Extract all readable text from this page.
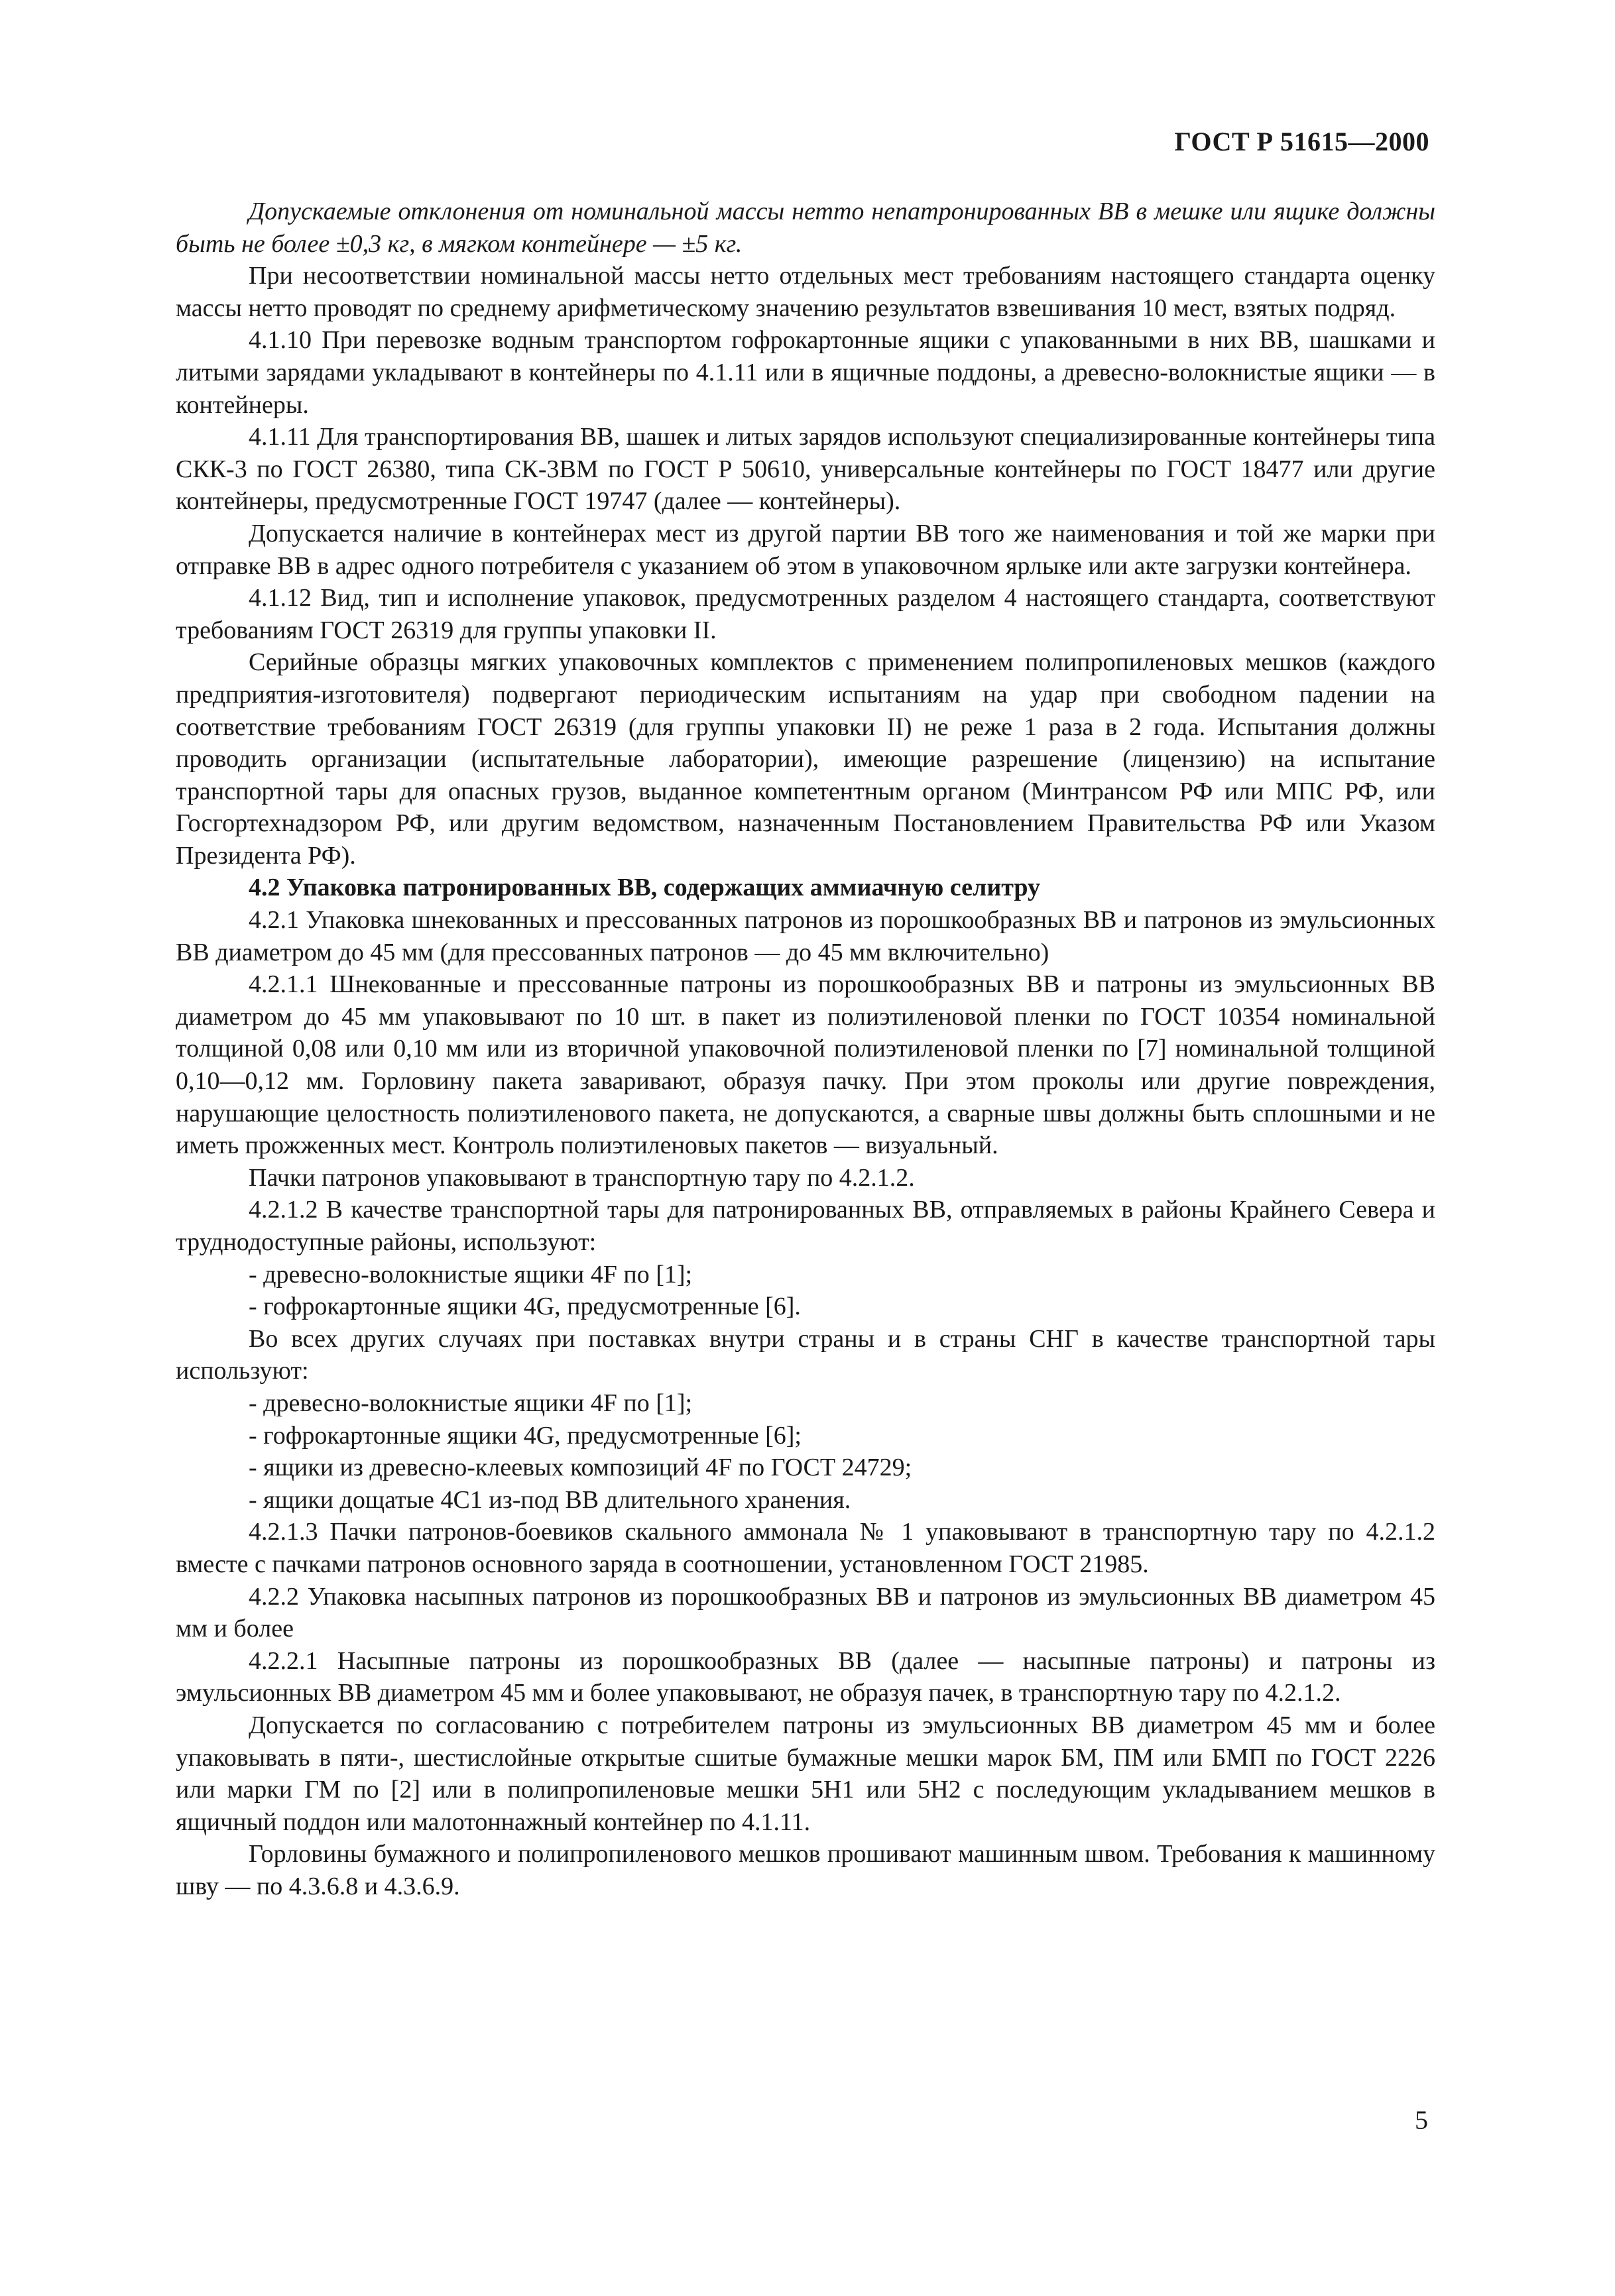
ГОСТ Р 51615—2000

Допускаемые отклонения от номинальной массы нетто непатронированных ВВ в мешке или ящике должны быть не более ±0,3 кг, в мягком контейнере — ±5 кг.

При несоответствии номинальной массы нетто отдельных мест требованиям настоящего стандарта оценку массы нетто проводят по среднему арифметическому значению результатов взвешивания 10 мест, взятых подряд.

4.1.10 При перевозке водным транспортом гофрокартонные ящики с упакованными в них ВВ, шашками и литыми зарядами укладывают в контейнеры по 4.1.11 или в ящичные поддоны, а древесно-волокнистые ящики — в контейнеры.

4.1.11 Для транспортирования ВВ, шашек и литых зарядов используют специализированные контейнеры типа СКК-3 по ГОСТ 26380, типа СК-3ВМ по ГОСТ Р 50610, универсальные контейнеры по ГОСТ 18477 или другие контейнеры, предусмотренные ГОСТ 19747 (далее — контейнеры).

Допускается наличие в контейнерах мест из другой партии ВВ того же наименования и той же марки при отправке ВВ в адрес одного потребителя с указанием об этом в упаковочном ярлыке или акте загрузки контейнера.

4.1.12 Вид, тип и исполнение упаковок, предусмотренных разделом 4 настоящего стандарта, соответствуют требованиям ГОСТ 26319 для группы упаковки II.

Серийные образцы мягких упаковочных комплектов с применением полипропиленовых мешков (каждого предприятия-изготовителя) подвергают периодическим испытаниям на удар при свободном падении на соответствие требованиям ГОСТ 26319 (для группы упаковки II) не реже 1 раза в 2 года. Испытания должны проводить организации (испытательные лаборатории), имеющие разрешение (лицензию) на испытание транспортной тары для опасных грузов, выданное компетентным органом (Минтрансом РФ или МПС РФ, или Госгортехнадзором РФ, или другим ведомством, назначенным Постановлением Правительства РФ или Указом Президента РФ).

4.2 Упаковка патронированных ВВ, содержащих аммиачную селитру

4.2.1 Упаковка шнекованных и прессованных патронов из порошкообразных ВВ и патронов из эмульсионных ВВ диаметром до 45 мм (для прессованных патронов — до 45 мм включительно)

4.2.1.1 Шнекованные и прессованные патроны из порошкообразных ВВ и патроны из эмульсионных ВВ диаметром до 45 мм упаковывают по 10 шт. в пакет из полиэтиленовой пленки по ГОСТ 10354 номинальной толщиной 0,08 или 0,10 мм или из вторичной упаковочной полиэтиленовой пленки по [7] номинальной толщиной 0,10—0,12 мм. Горловину пакета заваривают, образуя пачку. При этом проколы или другие повреждения, нарушающие целостность полиэтиленового пакета, не допускаются, а сварные швы должны быть сплошными и не иметь прожженных мест. Контроль полиэтиленовых пакетов — визуальный.

Пачки патронов упаковывают в транспортную тару по 4.2.1.2.

4.2.1.2 В качестве транспортной тары для патронированных ВВ, отправляемых в районы Крайнего Севера и труднодоступные районы, используют:

- древесно-волокнистые ящики 4F по [1];

- гофрокартонные ящики 4G, предусмотренные [6].

Во всех других случаях при поставках внутри страны и в страны СНГ в качестве транспортной тары используют:

- древесно-волокнистые ящики 4F по [1];

- гофрокартонные ящики 4G, предусмотренные [6];

- ящики из древесно-клеевых композиций 4F по ГОСТ 24729;

- ящики дощатые 4С1 из-под ВВ длительного хранения.

4.2.1.3 Пачки патронов-боевиков скального аммонала № 1 упаковывают в транспортную тару по 4.2.1.2 вместе с пачками патронов основного заряда в соотношении, установленном ГОСТ 21985.

4.2.2 Упаковка насыпных патронов из порошкообразных ВВ и патронов из эмульсионных ВВ диаметром 45 мм и более

4.2.2.1 Насыпные патроны из порошкообразных ВВ (далее — насыпные патроны) и патроны из эмульсионных ВВ диаметром 45 мм и более упаковывают, не образуя пачек, в транспортную тару по 4.2.1.2.

Допускается по согласованию с потребителем патроны из эмульсионных ВВ диаметром 45 мм и более упаковывать в пяти-, шестислойные открытые сшитые бумажные мешки марок БМ, ПМ или БМП по ГОСТ 2226 или марки ГМ по [2] или в полипропиленовые мешки 5Н1 или 5Н2 с последующим укладыванием мешков в ящичный поддон или малотоннажный контейнер по 4.1.11.

Горловины бумажного и полипропиленового мешков прошивают машинным швом. Требования к машинному шву — по 4.3.6.8 и 4.3.6.9.

5
